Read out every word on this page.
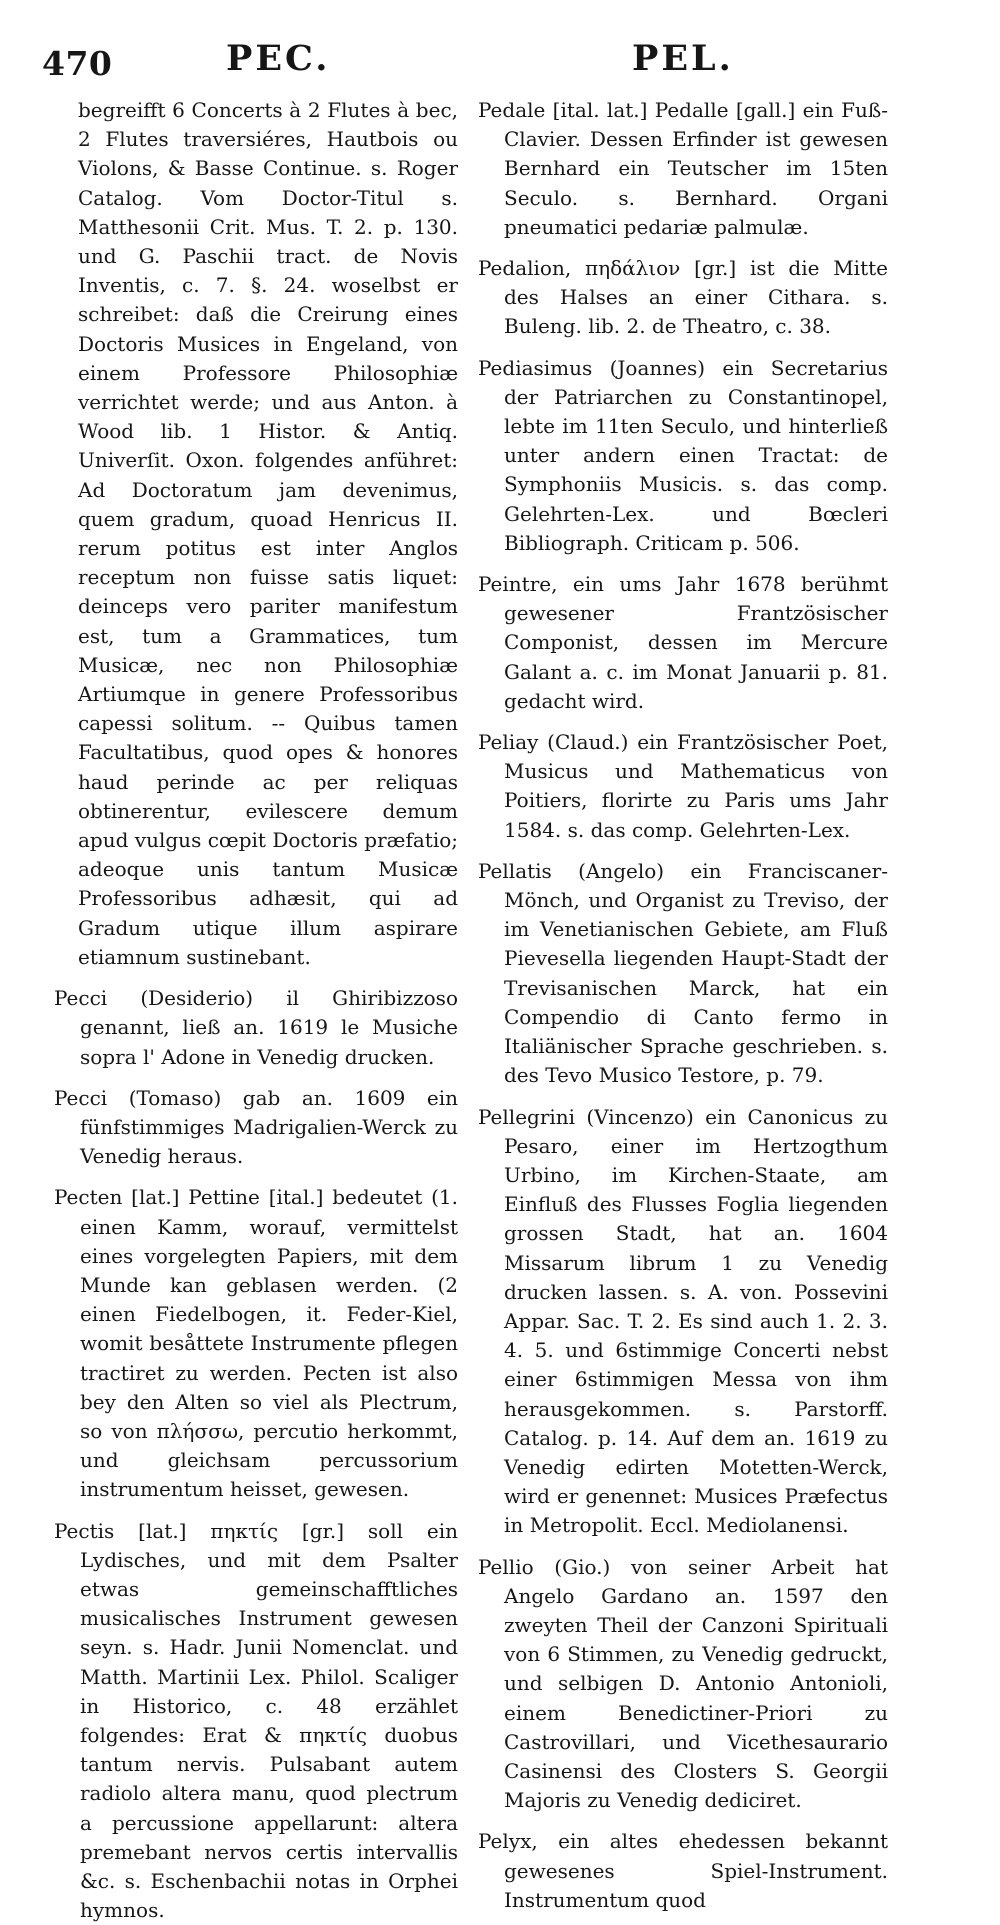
470	PEC.	PEL.

begreifft 6 Concerts à 2 Flutes à bec, 2 Flutes traversiéres, Hautbois ou Violons, & Basse Continue. s. Roger Catalog. Vom Doctor-Titul s. Matthesonii Crit. Mus. T. 2. p. 130. und G. Paschii tract. de Novis Inventis, c. 7. §. 24. woselbst er schreibet: daß die Creirung eines Doctoris Musices in Engeland, von einem Professore Philosophiæ verrichtet werde; und aus Anton. à Wood lib. 1 Histor. & Antiq. Univerſit. Oxon. folgendes anführet: Ad Doctoratum jam devenimus, quem gradum, quoad Henricus II. rerum potitus est inter Anglos receptum non fuisse satis liquet: deinceps vero pariter manifestum est, tum a Grammatices, tum Musicæ, nec non Philosophiæ Artiumque in genere Professoribus capessi solitum. -- Quibus tamen Facultatibus, quod opes & honores haud perinde ac per reliquas obtinerentur, evilescere demum apud vulgus cœpit Doctoris præfatio; adeoque unis tantum Musicæ Professoribus adhæsit, qui ad Gradum utique illum aspirare etiamnum sustinebant.

Pecci (Desiderio) il Ghiribizzoso genannt, ließ an. 1619 le Musiche sopra l' Adone in Venedig drucken.

Pecci (Tomaso) gab an. 1609 ein fünfstimmiges Madrigalien-Werck zu Venedig heraus.

Pecten [lat.] Pettine [ital.] bedeutet (1. einen Kamm, worauf, vermittelst eines vorgelegten Papiers, mit dem Munde kan geblasen werden. (2 einen Fiedelbogen, it. Feder-Kiel, womit besåttete Instrumente pflegen tractiret zu werden. Pecten ist also bey den Alten so viel als Plectrum, so von πλήσσω, percutio herkommt, und gleichsam percussorium instrumentum heisset, gewesen.

Pectis [lat.] πηκτίς [gr.] soll ein Lydisches, und mit dem Psalter etwas gemeinschafftliches musicalisches Instrument gewesen seyn. s. Hadr. Junii Nomenclat. und Matth. Martinii Lex. Philol. Scaliger in Historico, c. 48 erzählet folgendes: Erat & πηκτίς duobus tantum nervis. Pulsabant autem radiolo altera manu, quod plectrum a percussione appellarunt: altera premebant nervos certis intervallis &c. s. Eschenbachii notas in Orphei hymnos.

Pedale [ital. lat.] Pedalle [gall.] ein Fuß-Clavier. Dessen Erfinder ist gewesen Bernhard ein Teutscher im 15ten Seculo. s. Bernhard. Organi pneumatici pedariæ palmulæ.

Pedalion, πηδάλιον [gr.] ist die Mitte des Halses an einer Cithara. s. Buleng. lib. 2. de Theatro, c. 38.

Pediasimus (Joannes) ein Secretarius der Patriarchen zu Constantinopel, lebte im 11ten Seculo, und hinterließ unter andern einen Tractat: de Symphoniis Musicis. s. das comp. Gelehrten-Lex. und Bœcleri Bibliograph. Criticam p. 506.

Peintre, ein ums Jahr 1678 berühmt gewesener Frantzösischer Componist, dessen im Mercure Galant a. c. im Monat Januarii p. 81. gedacht wird.

Peliay (Claud.) ein Frantzösischer Poet, Musicus und Mathematicus von Poitiers, florirte zu Paris ums Jahr 1584. s. das comp. Gelehrten-Lex.

Pellatis (Angelo) ein Franciscaner-Mönch, und Organist zu Treviso, der im Venetianischen Gebiete, am Fluß Pievesella liegenden Haupt-Stadt der Trevisanischen Marck, hat ein Compendio di Canto fermo in Italiänischer Sprache geschrieben. s. des Tevo Musico Testore, p. 79.

Pellegrini (Vincenzo) ein Canonicus zu Pesaro, einer im Hertzogthum Urbino, im Kirchen-Staate, am Einfluß des Flusses Foglia liegenden grossen Stadt, hat an. 1604 Missarum librum 1 zu Venedig drucken lassen. s. A. von. Possevini Appar. Sac. T. 2. Es sind auch 1. 2. 3. 4. 5. und 6stimmige Concerti nebst einer 6stimmigen Messa von ihm herausgekommen. s. Parstorff. Catalog. p. 14. Auf dem an. 1619 zu Venedig edirten Motetten-Werck, wird er genennet: Musices Præfectus in Metropolit. Eccl. Mediolanensi.

Pellio (Gio.) von seiner Arbeit hat Angelo Gardano an. 1597 den zweyten Theil der Canzoni Spirituali von 6 Stimmen, zu Venedig gedruckt, und selbigen D. Antonio Antonioli, einem Benedictiner-Priori zu Castrovillari, und Vicethesaurario Casinensi des Closters S. Georgii Majoris zu Venedig dediciret.

Pelyx, ein altes ehedessen bekannt gewesenes Spiel-Instrument. Instrumentum quod
